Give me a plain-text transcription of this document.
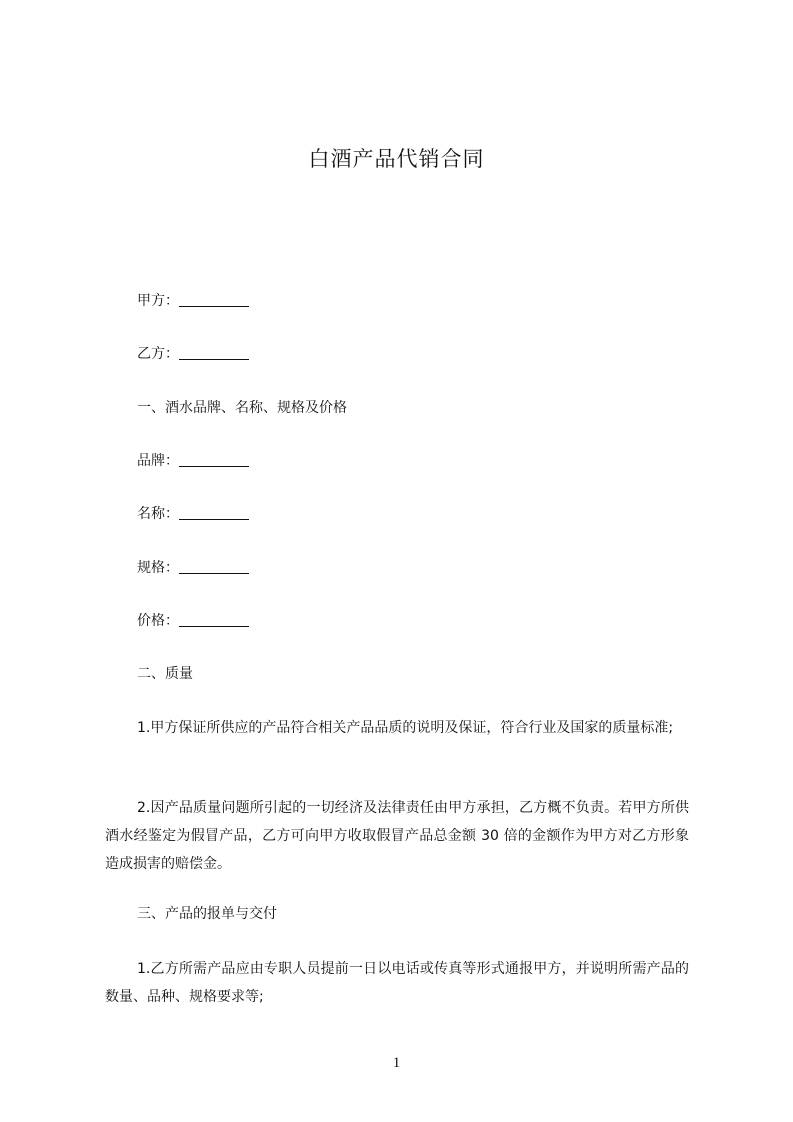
白酒产品代销合同
甲方：
乙方：
一、酒水品牌、名称、规格及价格
品牌：
名称：
规格：
价格：
二、质量
1.甲方保证所供应的产品符合相关产品品质的说明及保证，符合行业及国家的质量标准;
2.因产品质量问题所引起的一切经济及法律责任由甲方承担，乙方概不负责。若甲方所供酒水经鉴定为假冒产品，乙方可向甲方收取假冒产品总金额 30 倍的金额作为甲方对乙方形象造成损害的赔偿金。
三、产品的报单与交付
1.乙方所需产品应由专职人员提前一日以电话或传真等形式通报甲方，并说明所需产品的数量、品种、规格要求等;
1
